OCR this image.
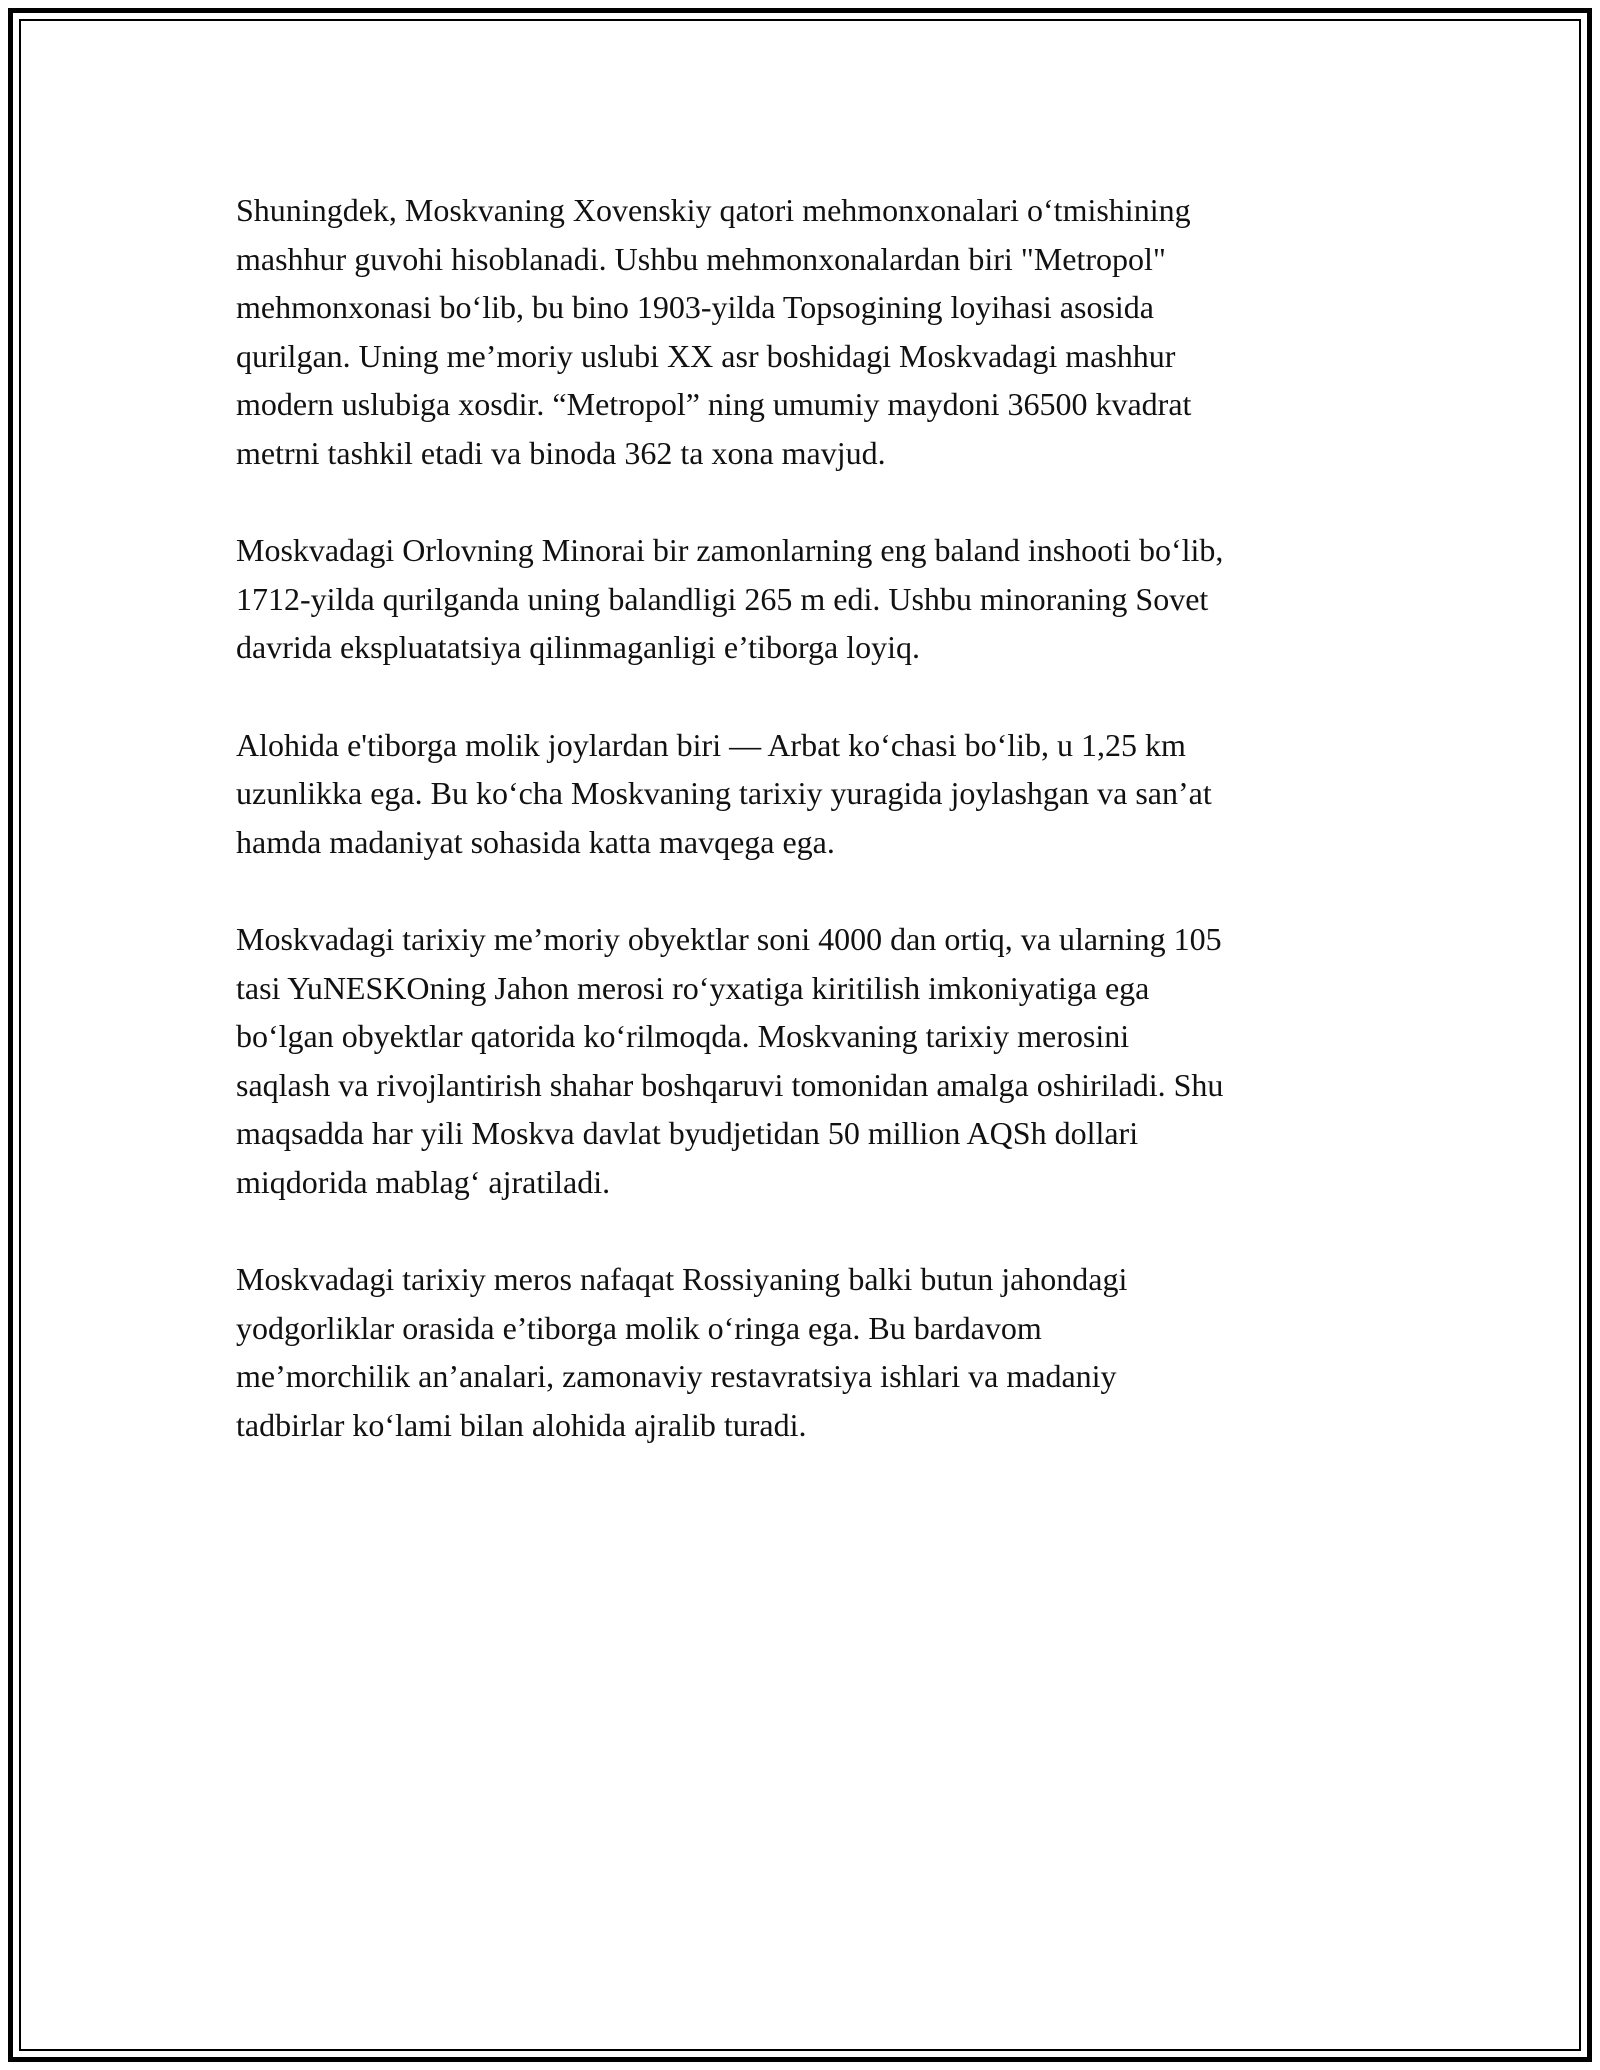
Shuningdek, Moskvaning Xovenskiy qatori mehmonxonalari o‘tmishining
mashhur guvohi hisoblanadi. Ushbu mehmonxonalardan biri "Metropol"
mehmonxonasi bo‘lib, bu bino 1903-yilda Topsogining loyihasi asosida
qurilgan. Uning me’moriy uslubi XX asr boshidagi Moskvadagi mashhur
modern uslubiga xosdir. “Metropol” ning umumiy maydoni 36500 kvadrat
metrni tashkil etadi va binoda 362 ta xona mavjud.

Moskvadagi Orlovning Minorai bir zamonlarning eng baland inshooti bo‘lib,
1712-yilda qurilganda uning balandligi 265 m edi. Ushbu minoraning Sovet
davrida ekspluatatsiya qilinmaganligi e’tiborga loyiq.

Alohida e'tiborga molik joylardan biri — Arbat ko‘chasi bo‘lib, u 1,25 km
uzunlikka ega. Bu ko‘cha Moskvaning tarixiy yuragida joylashgan va san’at
hamda madaniyat sohasida katta mavqega ega.

Moskvadagi tarixiy me’moriy obyektlar soni 4000 dan ortiq, va ularning 105
tasi YuNESKOning Jahon merosi ro‘yxatiga kiritilish imkoniyatiga ega
bo‘lgan obyektlar qatorida ko‘rilmoqda. Moskvaning tarixiy merosini
saqlash va rivojlantirish shahar boshqaruvi tomonidan amalga oshiriladi. Shu
maqsadda har yili Moskva davlat byudjetidan 50 million AQSh dollari
miqdorida mablag‘ ajratiladi.

Moskvadagi tarixiy meros nafaqat Rossiyaning balki butun jahondagi
yodgorliklar orasida e’tiborga molik o‘ringa ega. Bu bardavom
me’morchilik an’analari, zamonaviy restavratsiya ishlari va madaniy
tadbirlar ko‘lami bilan alohida ajralib turadi.
